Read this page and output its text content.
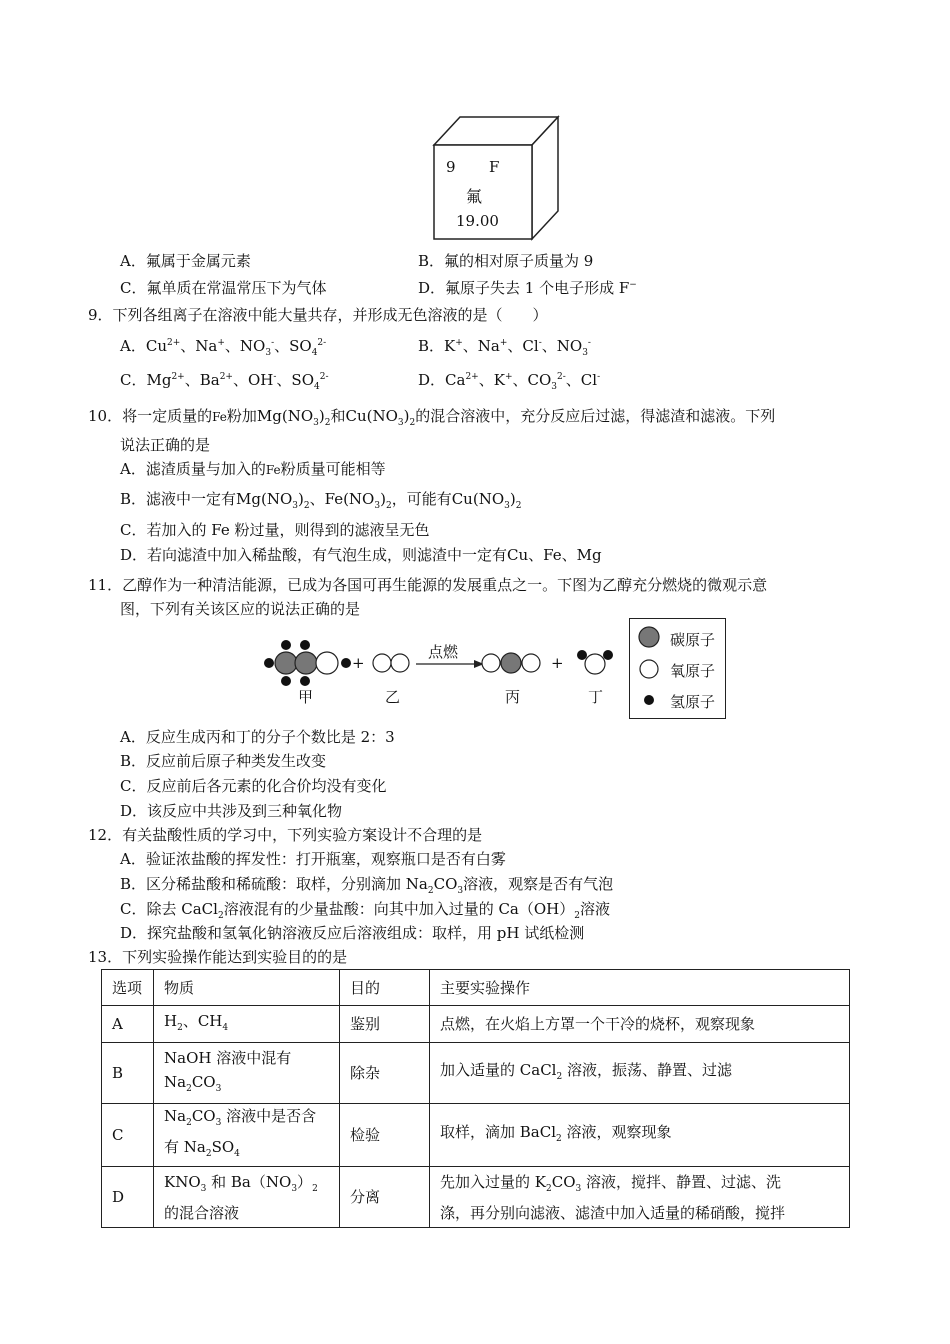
9 F
氟
19.00
A．氟属于金属元素	B．氟的相对原子质量为 9
C．氟单质在常温常压下为气体	D．氟原子失去 1 个电子形成 F−
9．下列各组离子在溶液中能大量共存，并形成无色溶液的是（　　）
A．$Cu^{2+}$、Na+、$NO_3^-$、$SO_4^{2-}$	B．K+、Na+、Cl-、$NO_3^-$
C．$Mg^{2+}$、$Ba^{2+}$、OH-、$SO_4^{2-}$	D．$Ca^{2+}$、K+、$CO_3^{2-}$、Cl-
10．将一定质量的Fe粉加$Mg(NO_3)_2$和$Cu(NO_3)_2$的混合溶液中，充分反应后过滤，得滤渣和滤液。下列
说法正确的是
A．滤渣质量与加入的Fe粉质量可能相等
B．滤液中一定有$Mg(NO_3)_2$、$Fe(NO_3)_2$，可能有$Cu(NO_3)_2$
C．若加入的 Fe 粉过量，则得到的滤液呈无色
D．若向滤渣中加入稀盐酸，有气泡生成，则滤渣中一定有Cu、Fe、Mg
11．乙醇作为一种清洁能源，已成为各国可再生能源的发展重点之一。下图为乙醇充分燃烧的微观示意
图，下列有关该区应的说法正确的是
+	+
点燃
甲	乙	丙	丁
碳原子
氧原子
氢原子
A．反应生成丙和丁的分子个数比是 2：3
B．反应前后原子种类发生改变
C．反应前后各元素的化合价均没有变化
D．该反应中共涉及到三种氧化物
12．有关盐酸性质的学习中，下列实验方案设计不合理的是
A．验证浓盐酸的挥发性：打开瓶塞，观察瓶口是否有白雾
B．区分稀盐酸和稀硫酸：取样，分别滴加 $Na_2CO_3$溶液，观察是否有气泡
C．除去 CaCl$_2$溶液混有的少量盐酸：向其中加入过量的 $Ca(OH)_2$溶液
D．探究盐酸和氢氧化钠溶液反应后溶液组成：取样，用 pH 试纸检测
13．下列实验操作能达到实验目的的是
选项	物质	目的	主要实验操作
A	$H_2$、$CH_4$	鉴别	点燃，在火焰上方罩一个干冷的烧杯，观察现象
B	NaOH 溶液中混有
$Na_2CO_3$	除杂	加入适量的 CaCl$_2$ 溶液，振荡、静置、过滤
C	$Na_2CO_3$ 溶液中是否含
有 $Na_2SO_4$	检验	取样，滴加 BaCl$_2$ 溶液，观察现象
D	$KNO_3$ 和 $Ba(NO_3)_2$
的混合溶液	分离	先加入过量的 $K_2CO_3$ 溶液，搅拌、静置、过滤、洗
涤，再分别向滤液、滤渣中加入适量的稀硝酸，搅拌
